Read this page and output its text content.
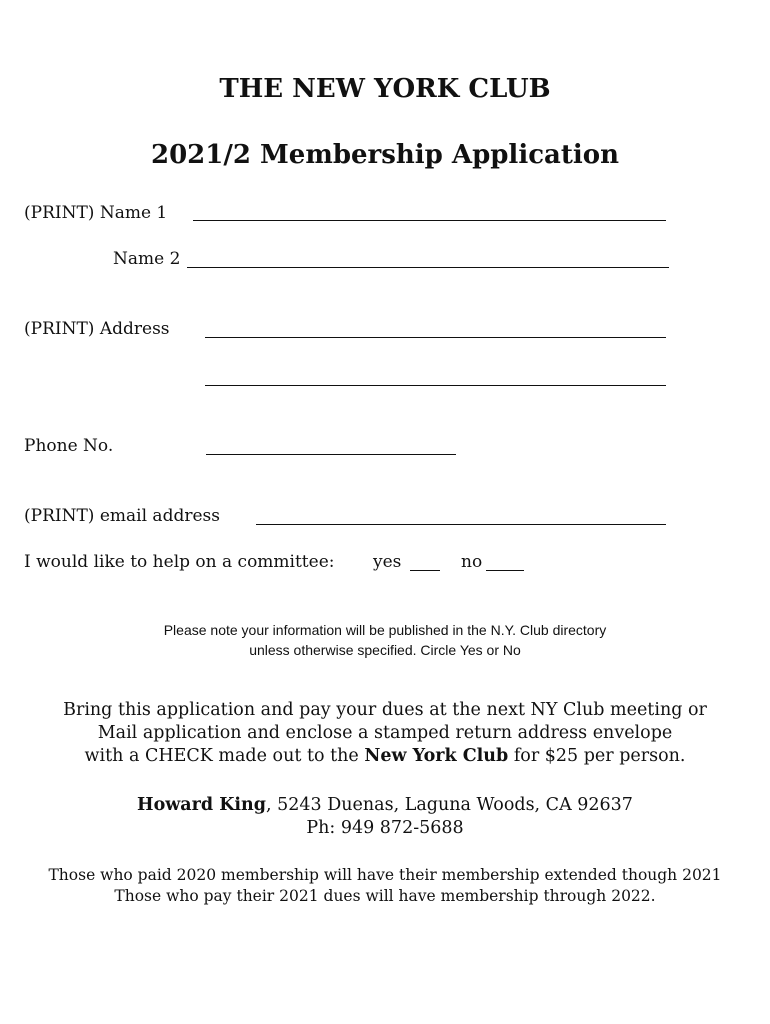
THE NEW YORK CLUB
2021/2 Membership Application
(PRINT) Name 1
Name 2
(PRINT) Address
Phone No.
(PRINT) email address
I would like to help on a committee: yes	no
Please note your information will be published in the N.Y. Club directory
unless otherwise specified. Circle Yes or No
Bring this application and pay your dues at the next NY Club meeting or
Mail application and enclose a stamped return address envelope
with a CHECK made out to the New York Club for $25 per person.
Howard King, 5243 Duenas, Laguna Woods, CA 92637
Ph: 949 872-5688
Those who paid 2020 membership will have their membership extended though 2021
Those who pay their 2021 dues will have membership through 2022.
